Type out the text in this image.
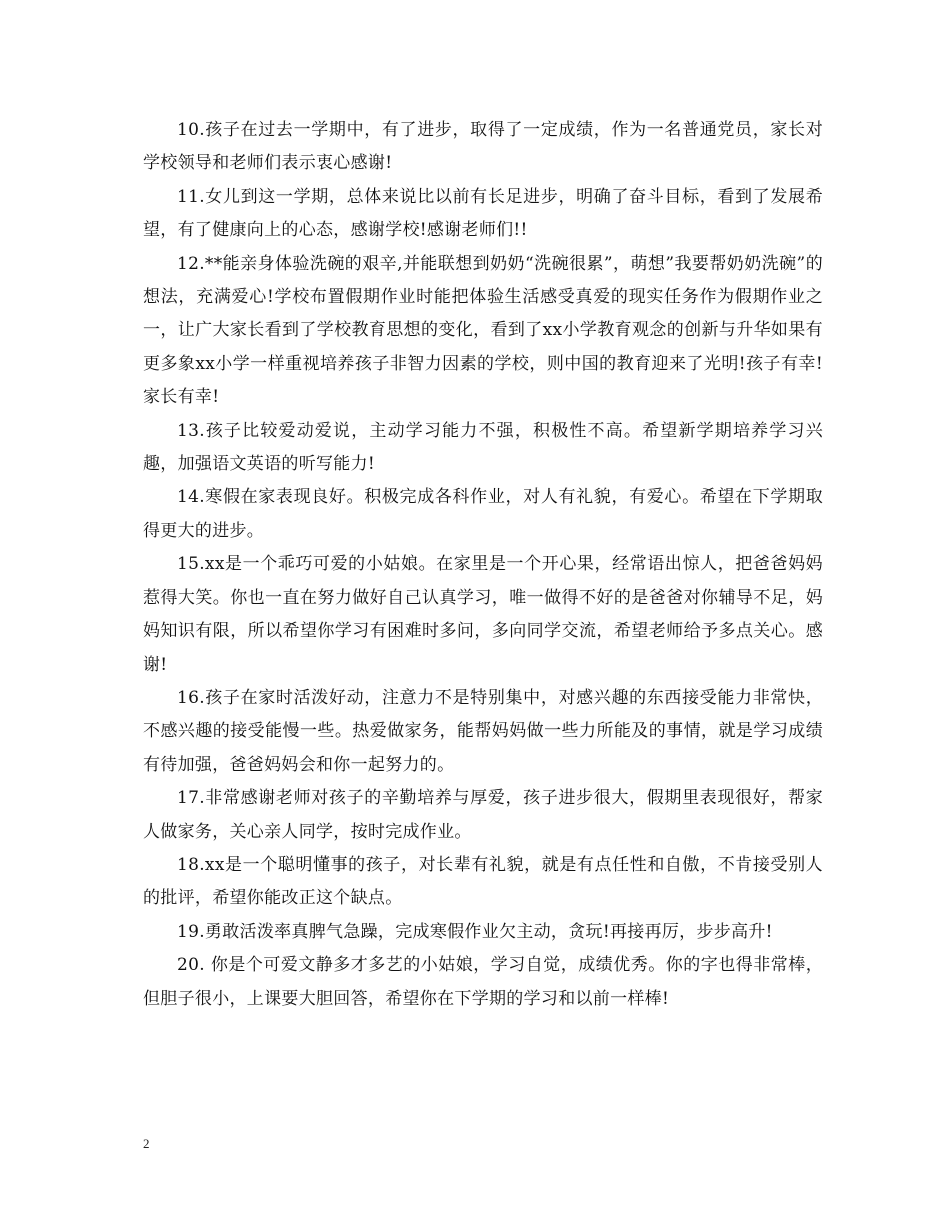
10.孩子在过去一学期中，有了进步，取得了一定成绩，作为一名普通党员，家长对学校领导和老师们表示衷心感谢!

11.女儿到这一学期，总体来说比以前有长足进步，明确了奋斗目标，看到了发展希望，有了健康向上的心态，感谢学校!感谢老师们!!

12.**能亲身体验洗碗的艰辛,并能联想到奶奶“洗碗很累”，萌想”我要帮奶奶洗碗”的想法，充满爱心!学校布置假期作业时能把体验生活感受真爱的现实任务作为假期作业之一，让广大家长看到了学校教育思想的变化，看到了xx小学教育观念的创新与升华如果有更多象xx小学一样重视培养孩子非智力因素的学校，则中国的教育迎来了光明!孩子有幸!家长有幸!

13.孩子比较爱动爱说，主动学习能力不强，积极性不高。希望新学期培养学习兴趣，加强语文英语的听写能力!

14.寒假在家表现良好。积极完成各科作业，对人有礼貌，有爱心。希望在下学期取得更大的进步。

15.xx是一个乖巧可爱的小姑娘。在家里是一个开心果，经常语出惊人，把爸爸妈妈惹得大笑。你也一直在努力做好自己认真学习，唯一做得不好的是爸爸对你辅导不足，妈妈知识有限，所以希望你学习有困难时多问，多向同学交流，希望老师给予多点关心。感谢!

16.孩子在家时活泼好动，注意力不是特别集中，对感兴趣的东西接受能力非常快，不感兴趣的接受能慢一些。热爱做家务，能帮妈妈做一些力所能及的事情，就是学习成绩有待加强，爸爸妈妈会和你一起努力的。

17.非常感谢老师对孩子的辛勤培养与厚爱，孩子进步很大，假期里表现很好，帮家人做家务，关心亲人同学，按时完成作业。

18.xx是一个聪明懂事的孩子，对长辈有礼貌，就是有点任性和自傲，不肯接受别人的批评，希望你能改正这个缺点。

19.勇敢活泼率真脾气急躁，完成寒假作业欠主动，贪玩!再接再厉，步步高升!

20. 你是个可爱文静多才多艺的小姑娘，学习自觉，成绩优秀。你的字也得非常棒，但胆子很小，上课要大胆回答，希望你在下学期的学习和以前一样棒!

2
